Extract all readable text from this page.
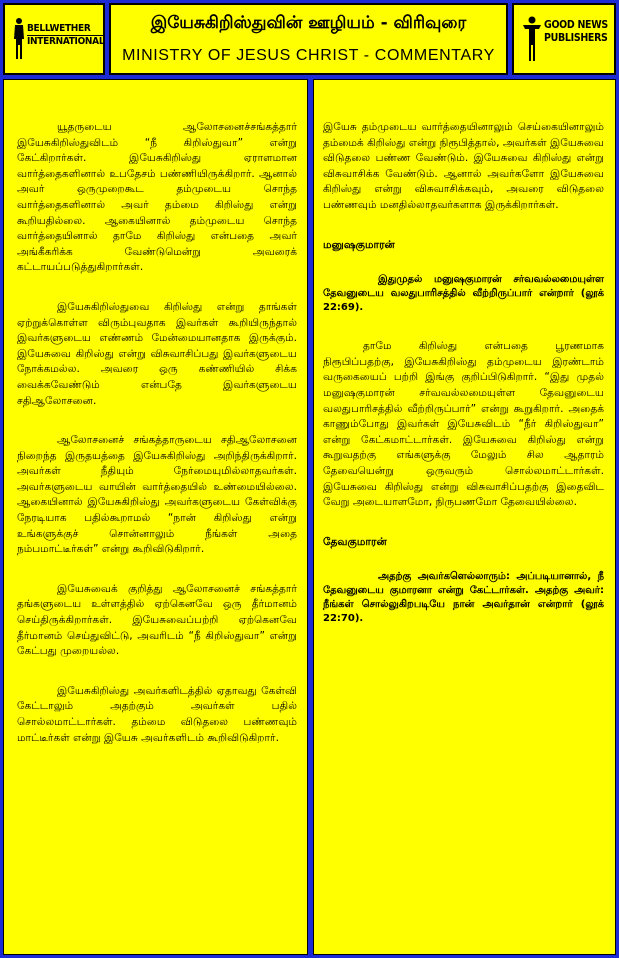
BELLWETHER
INTERNATIONAL
இயேசுகிறிஸ்துவின் ஊழியம் - விரிவுரை
MINISTRY OF JESUS CHRIST - COMMENTARY
GOOD NEWS
PUBLISHERS

யூதருடைய ஆலோசனைச்சங்கத்தார் இயேசுகிறிஸ்துவிடம் “நீ கிறிஸ்துவா” என்று கேட்கிறார்கள். இயேசுகிறிஸ்து ஏராளமான வார்த்தைகளினால் உபதேசம் பண்ணியிருக்கிறார். ஆனால் அவர் ஒருமுறைகூட தம்முடைய சொந்த வார்த்தைகளினால் அவர் தம்மை கிறிஸ்து என்று கூறியதில்லை. ஆகையினால் தம்முடைய சொந்த வார்த்தையினால் தாமே கிறிஸ்து என்பதை அவர் அங்கீகரிக்க வேண்டுமென்று அவரைக் கட்டாயப்படுத்துகிறார்கள்.

இயேசுகிறிஸ்துவை கிறிஸ்து என்று தாங்கள் ஏற்றுக்கொள்ள விரும்புவதாக இவர்கள் கூறியிருந்தால் இவர்களுடைய எண்ணம் மேன்மையானதாக இருக்கும். இயேசுவை கிறிஸ்து என்று விசுவாசிப்பது இவர்களுடைய நோக்கமல்ல. அவரை ஒரு கண்ணியில் சிக்க வைக்கவேண்டும் என்பதே இவர்களுடைய சதிஆலோசனை.

ஆலோசனைச் சங்கத்தாருடைய சதிஆலோசனை நிறைந்த இருதயத்தை இயேசுகிறிஸ்து அறிந்திருக்கிறார். அவர்கள் நீதியும் நேர்மையுமில்லாதவர்கள். அவர்களுடைய வாயின் வார்த்தையில் உண்மையில்லை. ஆகையினால் இயேசுகிறிஸ்து அவர்களுடைய கேள்விக்கு நேரடியாக பதில்கூறாமல் “நான் கிறிஸ்து என்று உங்களுக்குச் சொன்னாலும் நீங்கள் அதை நம்பமாட்டீர்கள்” என்று கூறிவிடுகிறார்.

இயேசுவைக் குறித்து ஆலோசனைச் சங்கத்தார் தங்களுடைய உள்ளத்தில் ஏற்கெனவே ஒரு தீர்மானம் செய்திருக்கிறார்கள். இயேசுவைப்பற்றி ஏற்கெனவே தீர்மானம் செய்துவிட்டு, அவரிடம் “நீ கிறிஸ்துவா” என்று கேட்பது முறையல்ல.

இயேசுகிறிஸ்து அவர்களிடத்தில் ஏதாவது கேள்வி கேட்டாலும் அதற்கும் அவர்கள் பதில் சொல்லமாட்டார்கள். தம்மை விடுதலை பண்ணவும் மாட்டீர்கள் என்று இயேசு அவர்களிடம் கூறிவிடுகிறார்.

இயேசு தம்முடைய வார்த்தையினாலும் செய்கையினாலும் தம்மைக் கிறிஸ்து என்று நிரூபித்தால், அவர்கள் இயேசுவை விடுதலை பண்ண வேண்டும். இயேசுவை கிறிஸ்து என்று விசுவாசிக்க வேண்டும். ஆனால் அவர்களோ இயேசுவை கிறிஸ்து என்று விசுவாசிக்கவும், அவரை விடுதலை பண்ணவும் மனதில்லாதவர்களாக இருக்கிறார்கள்.

மனுஷகுமாரன்

இதுமுதல் மனுஷகுமாரன் சர்வவல்லமையுள்ள தேவனுடைய வலதுபாரிசத்தில் வீற்றிருப்பார் என்றார் (லூக் 22:69).

தாமே கிறிஸ்து என்பதை பூரணமாக நிரூபிப்பதற்கு, இயேசுகிறிஸ்து தம்முடைய இரண்டாம் வருகையைப் பற்றி இங்கு குறிப்பிடுகிறார். “இது முதல் மனுஷகுமாரன் சர்வவல்லமையுள்ள தேவனுடைய வலதுபாரிசத்தில் வீற்றிருப்பார்” என்று கூறுகிறார். அதைக் காணும்போது இவர்கள் இயேசுவிடம் “நீர் கிறிஸ்துவா” என்று கேட்கமாட்டார்கள். இயேசுவை கிறிஸ்து என்று கூறுவதற்கு எங்களுக்கு மேலும் சில ஆதாரம் தேவையென்று ஒருவரும் சொல்லமாட்டார்கள். இயேசுவை கிறிஸ்து என்று விசுவாசிப்பதற்கு இதைவிட வேறு அடையாளமோ, நிருபணமோ தேவையில்லை.

தேவகுமாரன்

அதற்கு அவர்களெல்லாரும்: அப்படியானால், நீ தேவனுடைய குமாரனா என்று கேட்டார்கள். அதற்கு அவர்: நீங்கள் சொல்லுகிறபடியே நான் அவர்தான் என்றார் (லூக் 22:70).
